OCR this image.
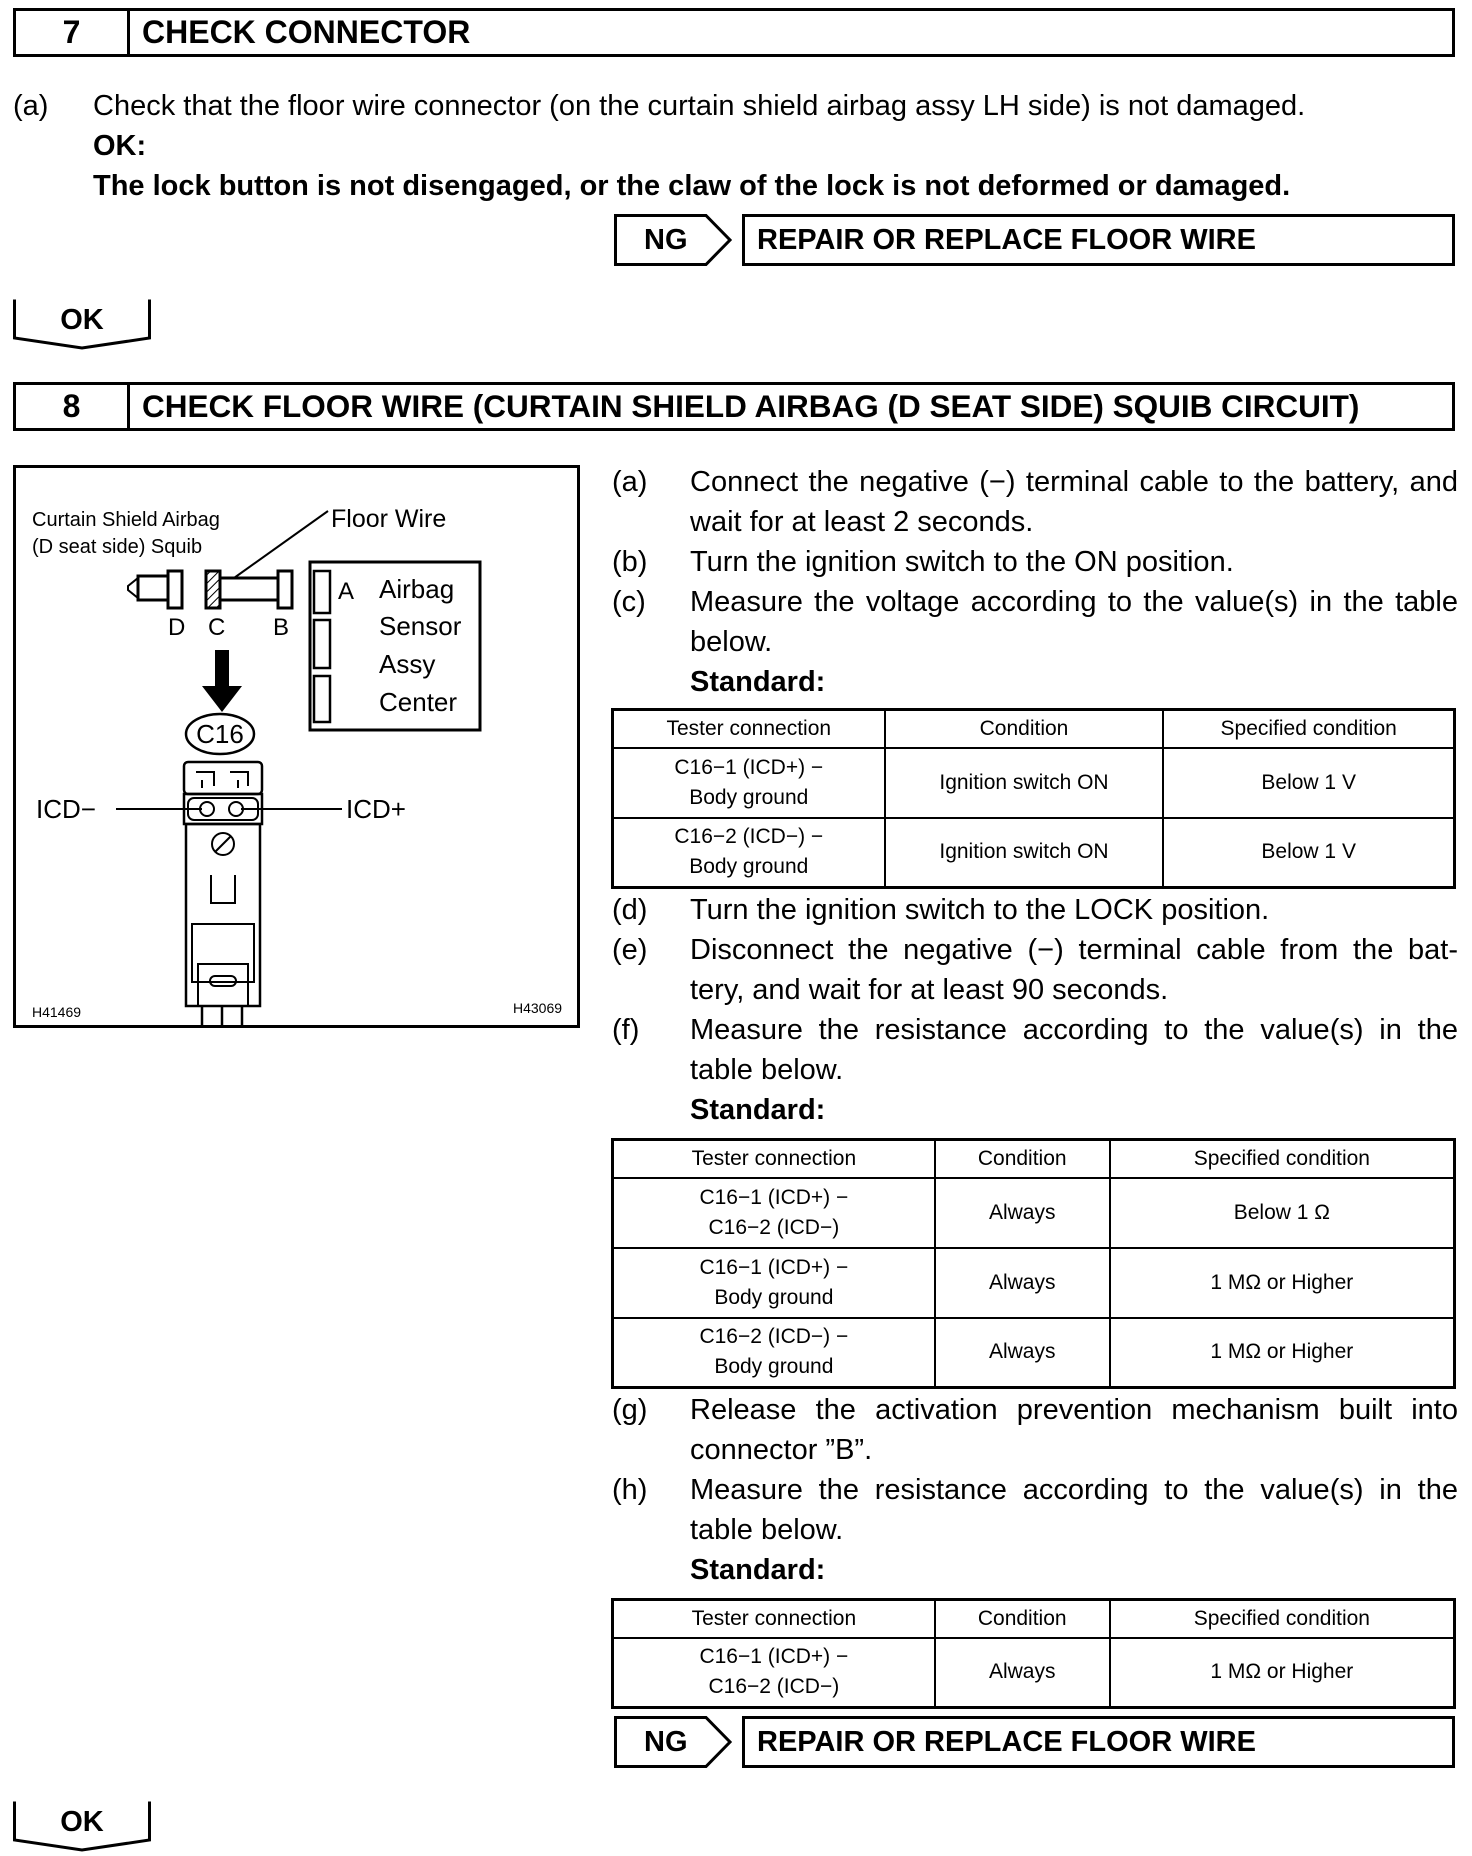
7	CHECK CONNECTOR
(a) Check that the floor wire connector (on the curtain shield airbag assy LH side) is not damaged.
OK:
The lock button is not disengaged, or the claw of the lock is not deformed or damaged.
NG	REPAIR OR REPLACE FLOOR WIRE
OK
8	CHECK FLOOR WIRE (CURTAIN SHIELD AIRBAG (D SEAT SIDE) SQUIB CIRCUIT)
Curtain Shield Airbag
(D seat side) Squib
Floor Wire
D C B
A Airbag
Sensor
Assy
Center
C16
ICD−	ICD+
H41469	H43069
(a) Connect the negative (−) terminal cable to the battery, and wait for at least 2 seconds.
(b) Turn the ignition switch to the ON position.
(c) Measure the voltage according to the value(s) in the table below.
Standard:
Tester connection	Condition	Specified condition

C16−1 (ICD+) −
Body ground	Ignition switch ON	Below 1 V

C16−2 (ICD−) −
Body ground	Ignition switch ON	Below 1 V
(d) Turn the ignition switch to the LOCK position.
(e) Disconnect the negative (−) terminal cable from the bat-tery, and wait for at least 90 seconds.
(f) Measure the resistance according to the value(s) in the table below.
Standard:
Tester connection	Condition	Specified condition

C16−1 (ICD+) −
C16−2 (ICD−)	Always	Below 1 Ω

C16−1 (ICD+) −
Body ground	Always	1 MΩ or Higher

C16−2 (ICD−) −
Body ground	Always	1 MΩ or Higher
(g) Release the activation prevention mechanism built into connector ”B”.
(h) Measure the resistance according to the value(s) in the table below.
Standard:
Tester connection	Condition	Specified condition

C16−1 (ICD+) −
C16−2 (ICD−)	Always	1 MΩ or Higher
NG	REPAIR OR REPLACE FLOOR WIRE
OK
